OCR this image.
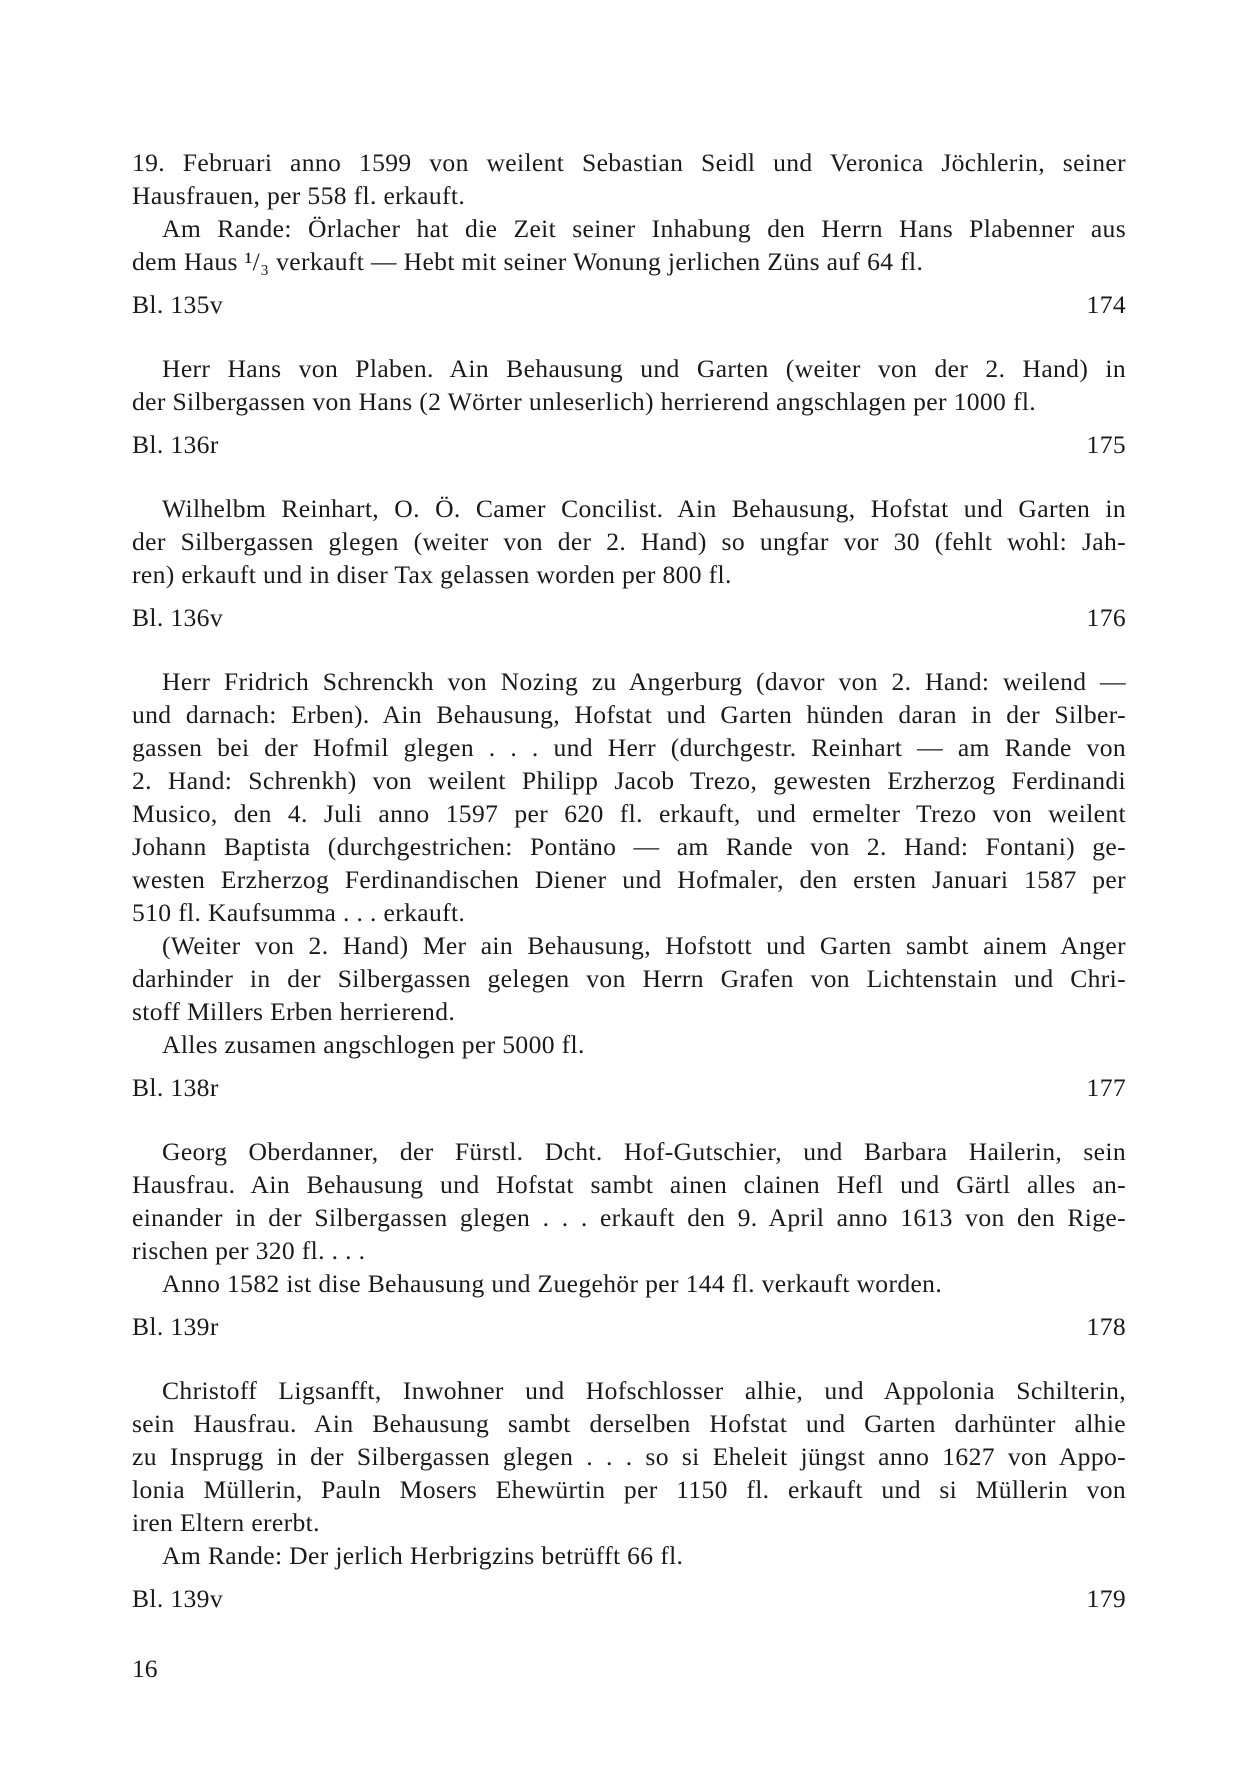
19. Februari anno 1599 von weilent Sebastian Seidl und Veronica Jöchlerin, seiner
Hausfrauen, per 558 fl. erkauft.

Am Rande: Örlacher hat die Zeit seiner Inhabung den Herrn Hans Plabenner aus
dem Haus ¹/₃ verkauft — Hebt mit seiner Wonung jerlichen Züns auf 64 fl.

Bl. 135v	174

Herr Hans von Plaben. Ain Behausung und Garten (weiter von der 2. Hand) in
der Silbergassen von Hans (2 Wörter unleserlich) herrierend angschlagen per 1000 fl.

Bl. 136r	175

Wilhelbm Reinhart, O. Ö. Camer Concilist. Ain Behausung, Hofstat und Garten in
der Silbergassen glegen (weiter von der 2. Hand) so ungfar vor 30 (fehlt wohl: Jah-
ren) erkauft und in diser Tax gelassen worden per 800 fl.

Bl. 136v	176

Herr Fridrich Schrenckh von Nozing zu Angerburg (davor von 2. Hand: weilend —
und darnach: Erben). Ain Behausung, Hofstat und Garten hünden daran in der Silber-
gassen bei der Hofmil glegen . . . und Herr (durchgestr. Reinhart — am Rande von
2. Hand: Schrenkh) von weilent Philipp Jacob Trezo, gewesten Erzherzog Ferdinandi
Musico, den 4. Juli anno 1597 per 620 fl. erkauft, und ermelter Trezo von weilent
Johann Baptista (durchgestrichen: Pontäno — am Rande von 2. Hand: Fontani) ge-
westen Erzherzog Ferdinandischen Diener und Hofmaler, den ersten Januari 1587 per
510 fl. Kaufsumma . . . erkauft.

(Weiter von 2. Hand) Mer ain Behausung, Hofstott und Garten sambt ainem Anger
darhinder in der Silbergassen gelegen von Herrn Grafen von Lichtenstain und Chri-
stoff Millers Erben herrierend.

Alles zusamen angschlogen per 5000 fl.

Bl. 138r	177

Georg Oberdanner, der Fürstl. Dcht. Hof-Gutschier, und Barbara Hailerin, sein
Hausfrau. Ain Behausung und Hofstat sambt ainen clainen Hefl und Gärtl alles an-
einander in der Silbergassen glegen . . . erkauft den 9. April anno 1613 von den Rige-
rischen per 320 fl. . . .

Anno 1582 ist dise Behausung und Zuegehör per 144 fl. verkauft worden.

Bl. 139r	178

Christoff Ligsanfft, Inwohner und Hofschlosser alhie, und Appolonia Schilterin,
sein Hausfrau. Ain Behausung sambt derselben Hofstat und Garten darhünter alhie
zu Insprugg in der Silbergassen glegen . . . so si Eheleit jüngst anno 1627 von Appo-
lonia Müllerin, Pauln Mosers Ehewürtin per 1150 fl. erkauft und si Müllerin von
iren Eltern ererbt.

Am Rande: Der jerlich Herbrigzins betrüfft 66 fl.

Bl. 139v	179
16
